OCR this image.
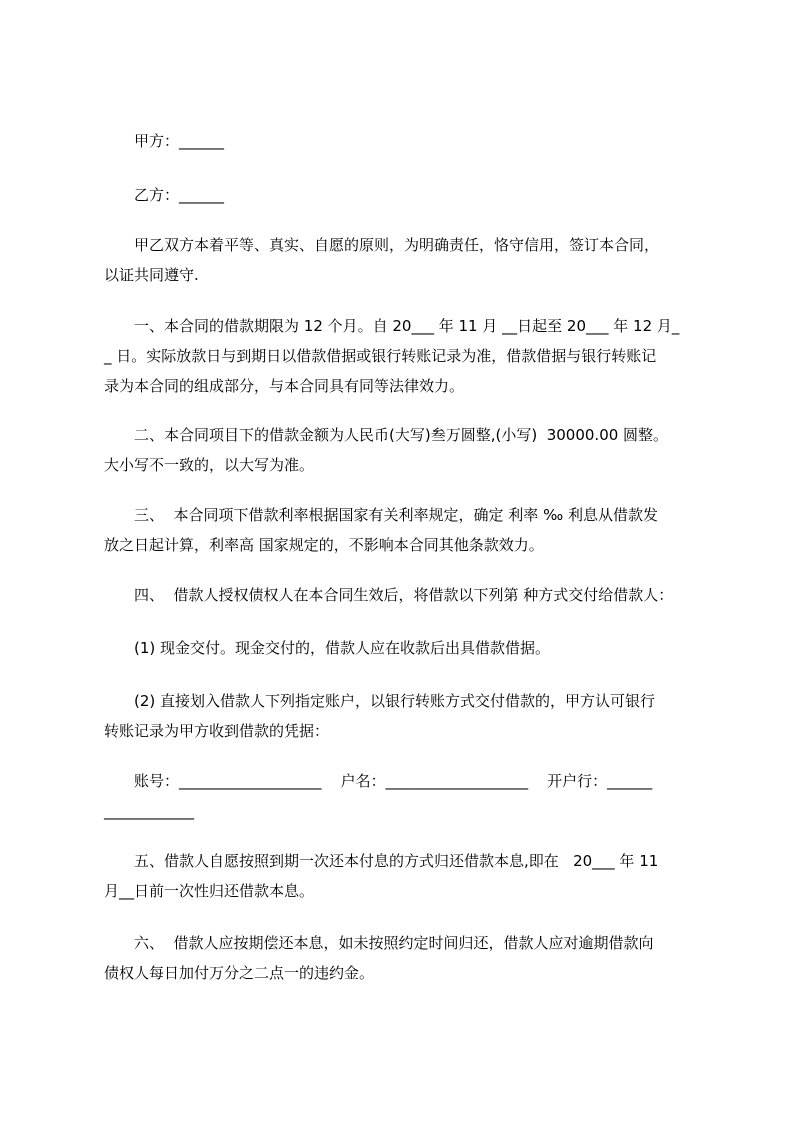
甲方：______

乙方：______

甲乙双方本着平等、真实、自愿的原则，为明确责任，恪守信用，签订本合同，
以证共同遵守.

一、本合同的借款期限为 12 个月。自 20___ 年 11 月 __日起至 20___ 年 12 月_
_ 日。实际放款日与到期日以借款借据或银行转账记录为准，借款借据与银行转账记
录为本合同的组成部分，与本合同具有同等法律效力。

二、本合同项目下的借款金额为人民币(大写)叁万圆整,(小写)  30000.00 圆整。
大小写不一致的，以大写为准。

三、  本合同项下借款利率根据国家有关利率规定，确定 利率 ‰ 利息从借款发
放之日起计算，利率高 国家规定的，不影响本合同其他条款效力。

四、  借款人授权债权人在本合同生效后，将借款以下列第 种方式交付给借款人：

(1) 现金交付。现金交付的，借款人应在收款后出具借款借据。

(2) 直接划入借款人下列指定账户，以银行转账方式交付借款的，甲方认可银行
转账记录为甲方收到借款的凭据：

账号：___________________    户名：___________________    开户行：______
____________

五、借款人自愿按照到期一次还本付息的方式归还借款本息,即在   20___ 年 11
月__日前一次性归还借款本息。

六、  借款人应按期偿还本息，如未按照约定时间归还，借款人应对逾期借款向
债权人每日加付万分之二点一的违约金。
